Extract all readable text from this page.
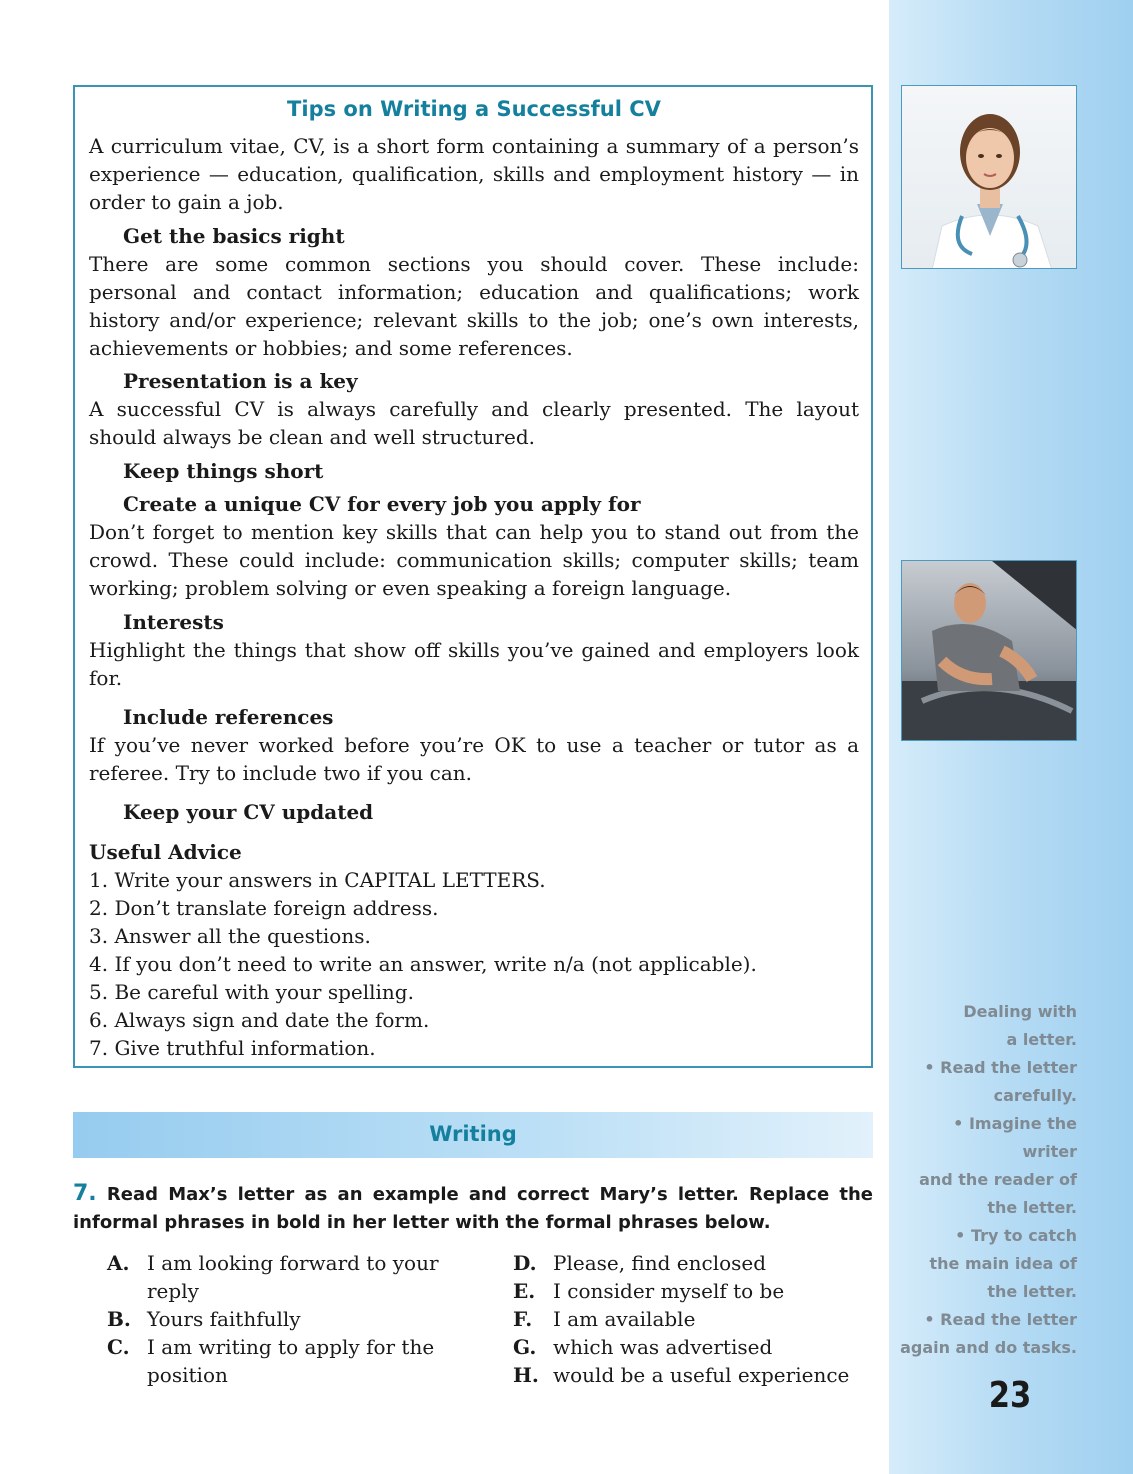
Tips on Writing a Successful CV

A curriculum vitae, CV, is a short form containing a summary of a person’s experience — education, qualification, skills and employment history — in order to gain a job.

Get the basics right

There are some common sections you should cover. These include: personal and contact information; education and qualifications; work history and/or experience; relevant skills to the job; one’s own interests, achievements or hobbies; and some references.

Presentation is a key

A successful CV is always carefully and clearly presented. The layout should always be clean and well structured.

Keep things short

Create a unique CV for every job you apply for

Don’t forget to mention key skills that can help you to stand out from the crowd. These could include: communication skills; computer skills; team working; problem solving or even speaking a foreign language.

Interests

Highlight the things that show off skills you’ve gained and employers look for.

Include references

If you’ve never worked before you’re OK to use a teacher or tutor as a referee. Try to include two if you can.

Keep your CV updated

Useful Advice

1. Write your answers in CAPITAL LETTERS.
2. Don’t translate foreign address.
3. Answer all the questions.
4. If you don’t need to write an answer, write n/a (not applicable).
5. Be careful with your spelling.
6. Always sign and date the form.
7. Give truthful information.
Writing

7. Read Max’s letter as an example and correct Mary’s letter. Replace the informal phrases in bold in her letter with the formal phrases below.

A. I am looking forward to your reply
B. Yours faithfully
C. I am writing to apply for the position
D. Please, find enclosed
E. I consider myself to be
F.	I am available
G. which was advertised
H. would be a useful experience
Dealing with
a letter.
• Read the letter
carefully.
• Imagine the writer
and the reader of
the letter.
• Try to catch
the main idea of
the letter.
• Read the letter
again and do tasks.

23
